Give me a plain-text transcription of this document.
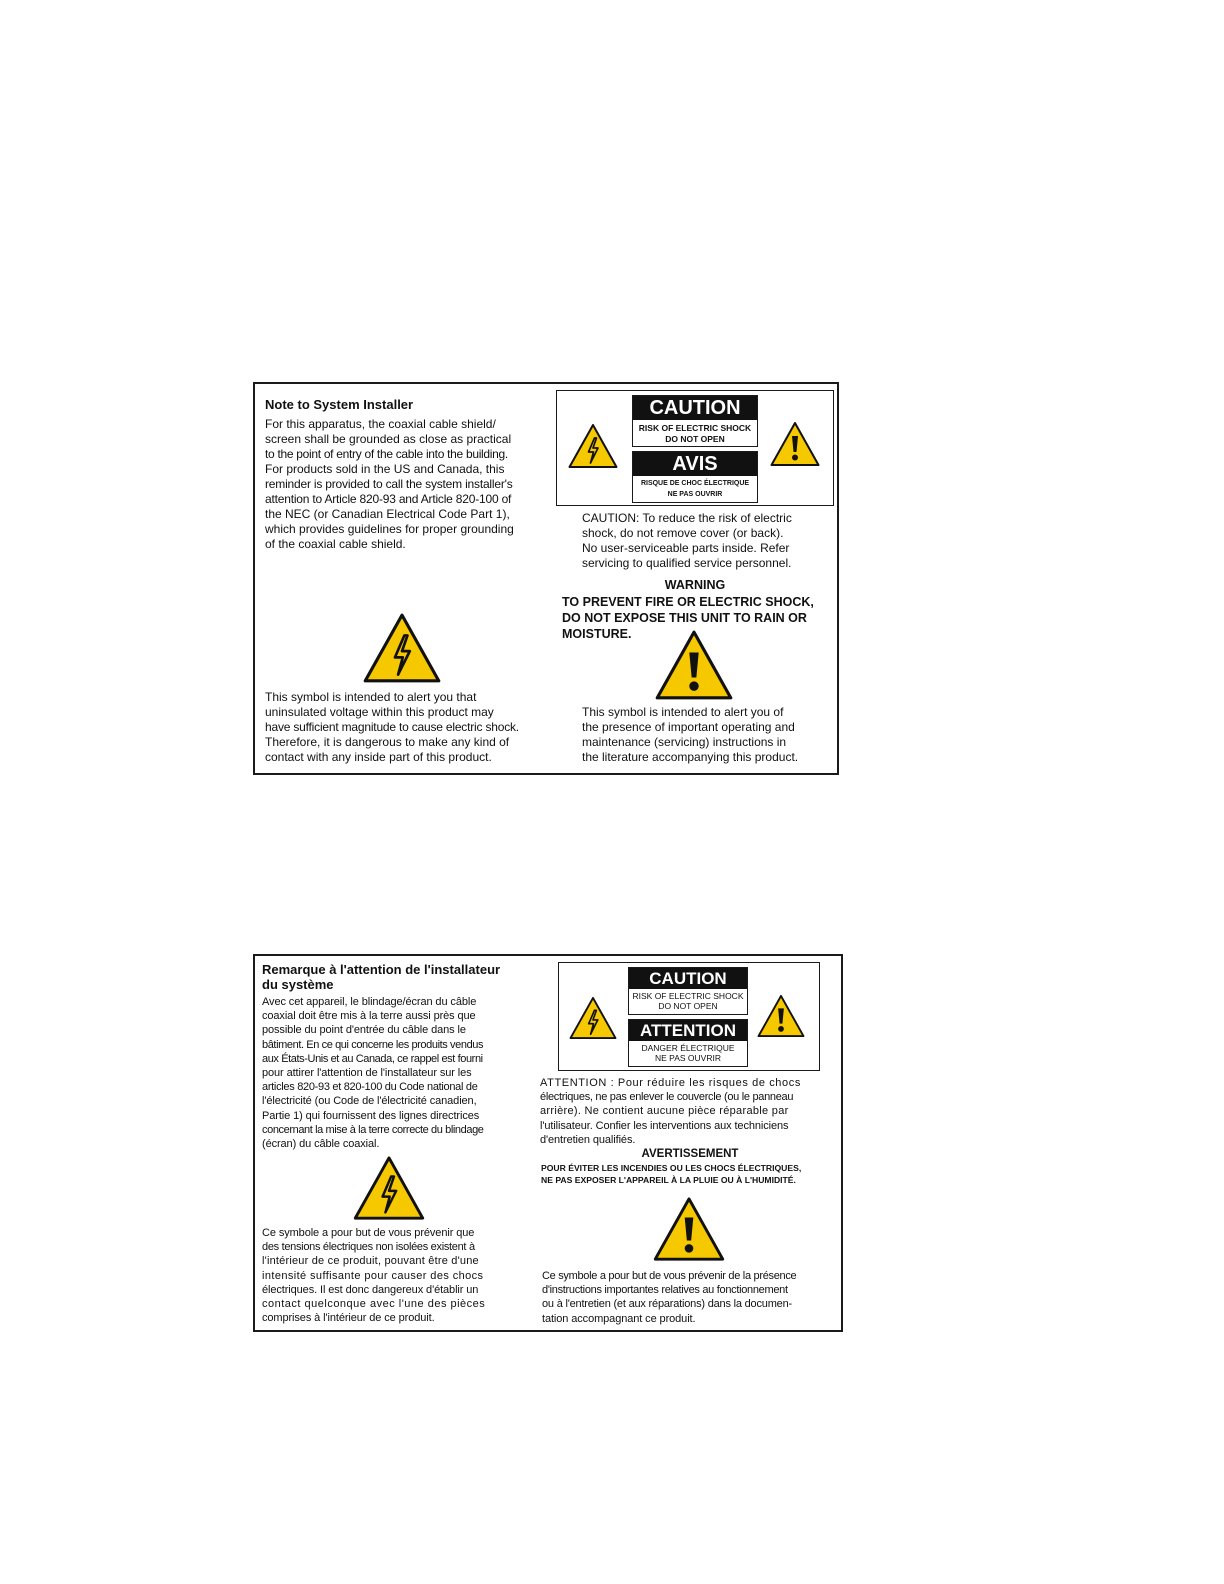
Note to System Installer
For this apparatus, the coaxial cable shield/
screen shall be grounded as close as practical
to the point of entry of the cable into the building.
For products sold in the US and Canada, this
reminder is provided to call the system installer's
attention to Article 820-93 and Article 820-100 of
the NEC (or Canadian Electrical Code Part 1),
which provides guidelines for proper grounding
of the coaxial cable shield.
CAUTION
RISK OF ELECTRIC SHOCK
DO NOT OPEN
AVIS
RISQUE DE CHOC ÉLECTRIQUE
NE PAS OUVRIR
CAUTION: To reduce the risk of electric
shock, do not remove cover (or back).
No user-serviceable parts inside. Refer
servicing to qualified service personnel.
WARNING
TO PREVENT FIRE OR ELECTRIC SHOCK,
DO NOT EXPOSE THIS UNIT TO RAIN OR
MOISTURE.
This symbol is intended to alert you that
uninsulated voltage within this product may
have sufficient magnitude to cause electric shock.
Therefore, it is dangerous to make any kind of
contact with any inside part of this product.
This symbol is intended to alert you of
the presence of important operating and
maintenance (servicing) instructions in
the literature accompanying this product.
Remarque à l'attention de l'installateur
du système
Avec cet appareil, le blindage/écran du câble
coaxial doit être mis à la terre aussi près que
possible du point d'entrée du câble dans le
bâtiment. En ce qui concerne les produits vendus
aux États-Unis et au Canada, ce rappel est fourni
pour attirer l'attention de l'installateur sur les
articles 820-93 et 820-100 du Code national de
l'électricité (ou Code de l'électricité canadien,
Partie 1) qui fournissent des lignes directrices
concernant la mise à la terre correcte du blindage
(écran) du câble coaxial.
CAUTION
RISK OF ELECTRIC SHOCK
DO NOT OPEN
ATTENTION
DANGER ÉLECTRIQUE
NE PAS OUVRIR
ATTENTION : Pour réduire les risques de chocs
électriques, ne pas enlever le couvercle (ou le panneau
arrière). Ne contient aucune pièce réparable par
l'utilisateur. Confier les interventions aux techniciens
d'entretien qualifiés.
AVERTISSEMENT
POUR ÉVITER LES INCENDIES OU LES CHOCS ÉLECTRIQUES,
NE PAS EXPOSER L'APPAREIL À LA PLUIE OU À L'HUMIDITÉ.
Ce symbole a pour but de vous prévenir que
des tensions électriques non isolées existent à
l'intérieur de ce produit, pouvant être d'une
intensité suffisante pour causer des chocs
électriques. Il est donc dangereux d'établir un
contact quelconque avec l'une des pièces
comprises à l'intérieur de ce produit.
Ce symbole a pour but de vous prévenir de la présence
d'instructions importantes relatives au fonctionnement
ou à l'entretien (et aux réparations) dans la documen-
tation accompagnant ce produit.
